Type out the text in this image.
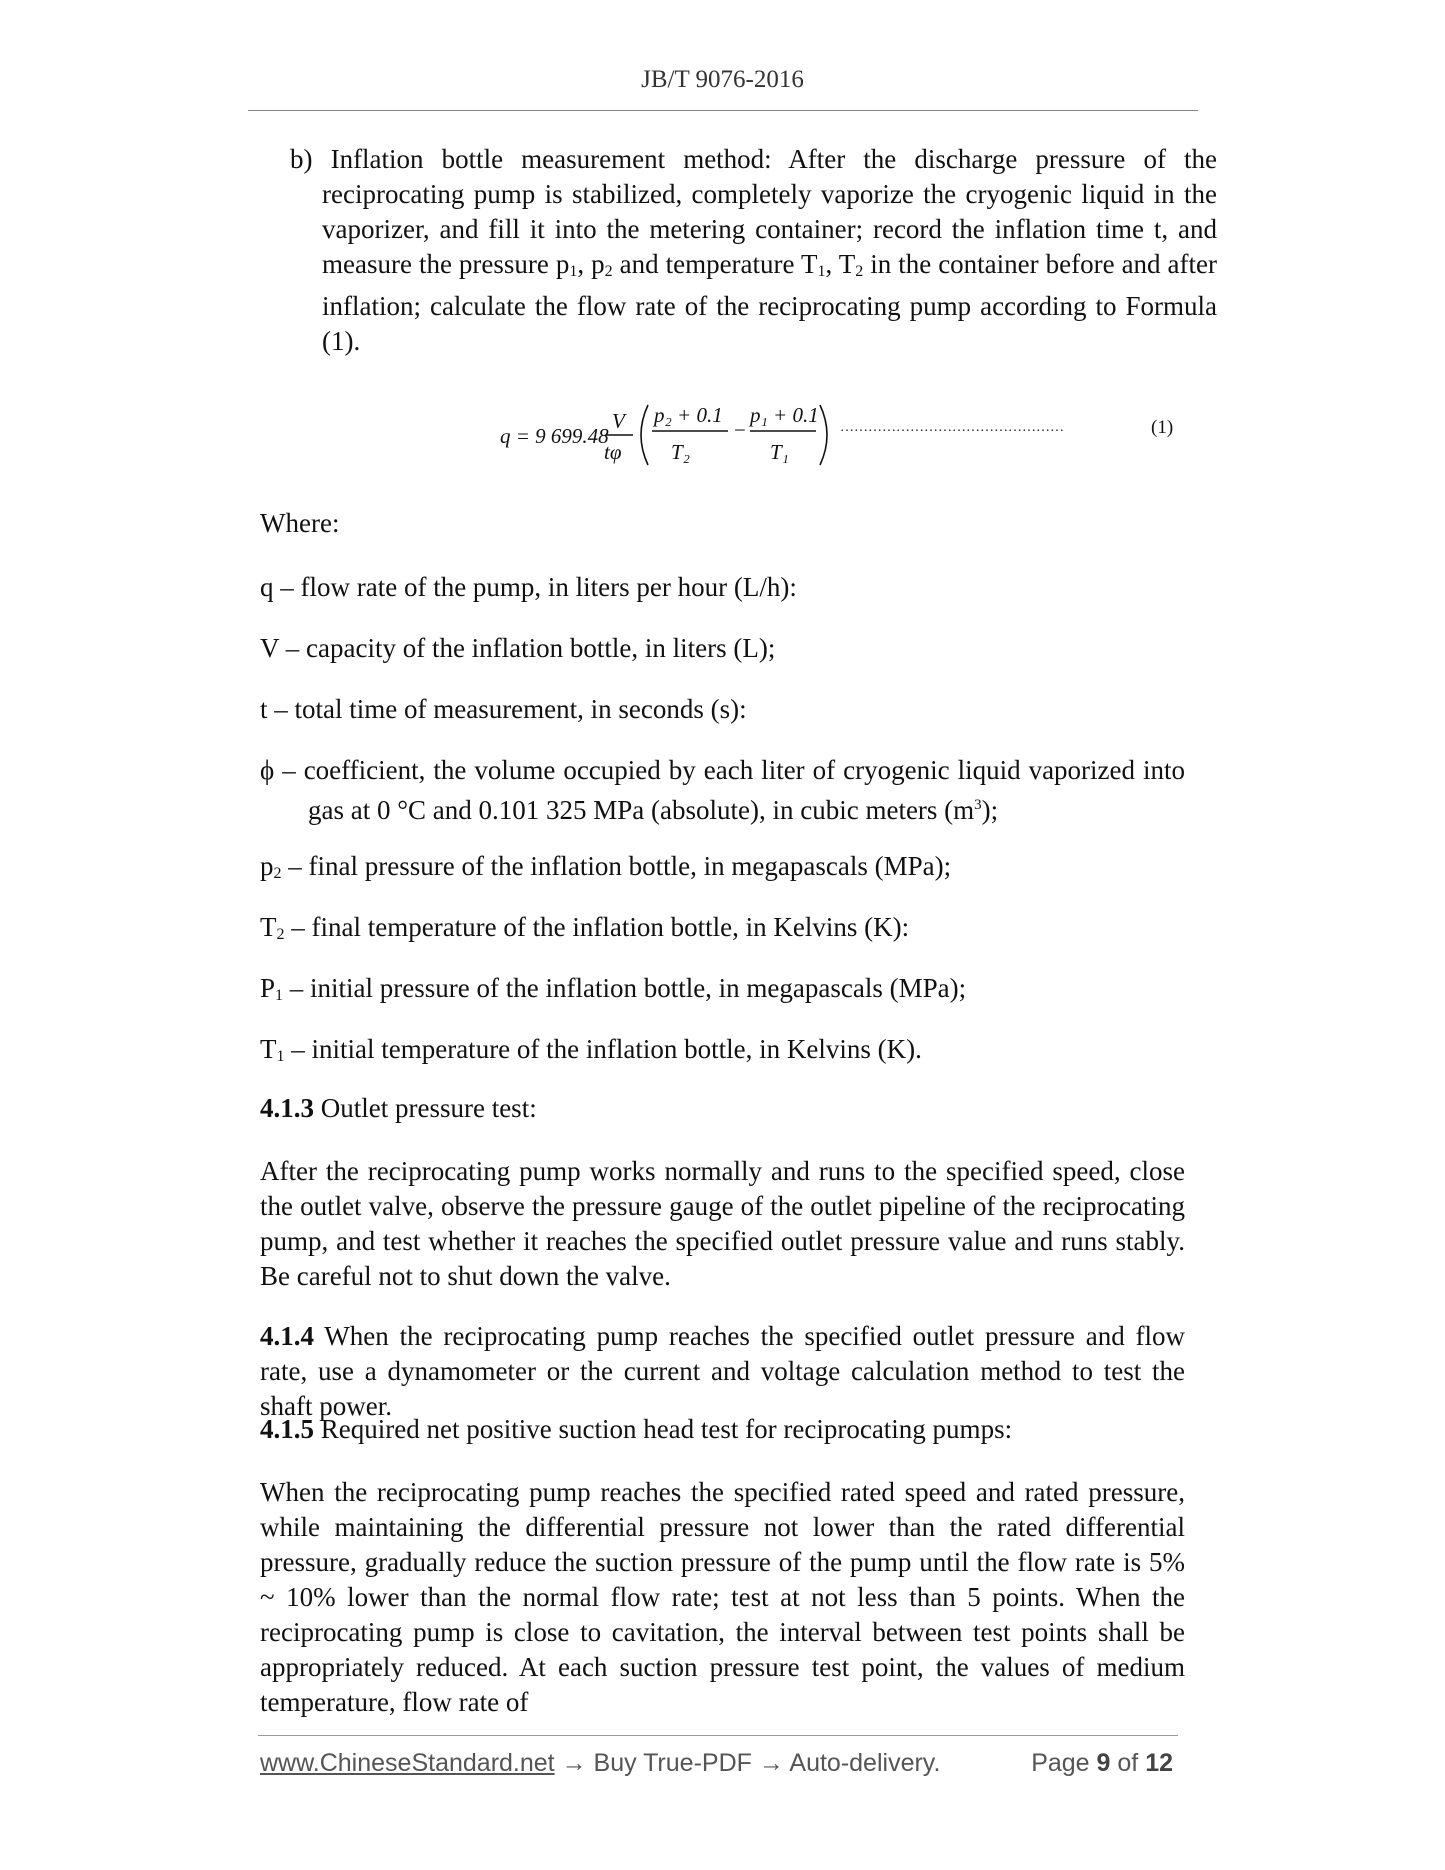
JB/T 9076-2016
b) Inflation bottle measurement method: After the discharge pressure of the reciprocating pump is stabilized, completely vaporize the cryogenic liquid in the vaporizer, and fill it into the metering container; record the inflation time t, and measure the pressure p1, p2 and temperature T1, T2 in the container before and after inflation; calculate the flow rate of the reciprocating pump according to Formula (1).
q = 9 699.48
V
tφ
p₂ + 0.1
T₂
−
p₁ + 0.1
T₁
…………………………………………	(1)
Where:
q – flow rate of the pump, in liters per hour (L/h):
V – capacity of the inflation bottle, in liters (L);
t – total time of measurement, in seconds (s):
ϕ – coefficient, the volume occupied by each liter of cryogenic liquid vaporized into gas at 0 °C and 0.101 325 MPa (absolute), in cubic meters $(m^3)$;
p2 – final pressure of the inflation bottle, in megapascals (MPa);
T2 – final temperature of the inflation bottle, in Kelvins (K):
P1 – initial pressure of the inflation bottle, in megapascals (MPa);
T1 – initial temperature of the inflation bottle, in Kelvins (K).
4.1.3 Outlet pressure test:
After the reciprocating pump works normally and runs to the specified speed, close the outlet valve, observe the pressure gauge of the outlet pipeline of the reciprocating pump, and test whether it reaches the specified outlet pressure value and runs stably. Be careful not to shut down the valve.
4.1.4 When the reciprocating pump reaches the specified outlet pressure and flow rate, use a dynamometer or the current and voltage calculation method to test the shaft power.
4.1.5 Required net positive suction head test for reciprocating pumps:
When the reciprocating pump reaches the specified rated speed and rated pressure, while maintaining the differential pressure not lower than the rated differential pressure, gradually reduce the suction pressure of the pump until the flow rate is 5% ~ 10% lower than the normal flow rate; test at not less than 5 points. When the reciprocating pump is close to cavitation, the interval between test points shall be appropriately reduced. At each suction pressure test point, the values of medium temperature, flow rate of
www.ChineseStandard.net → Buy True-PDF → Auto-delivery.	Page 9 of 12
